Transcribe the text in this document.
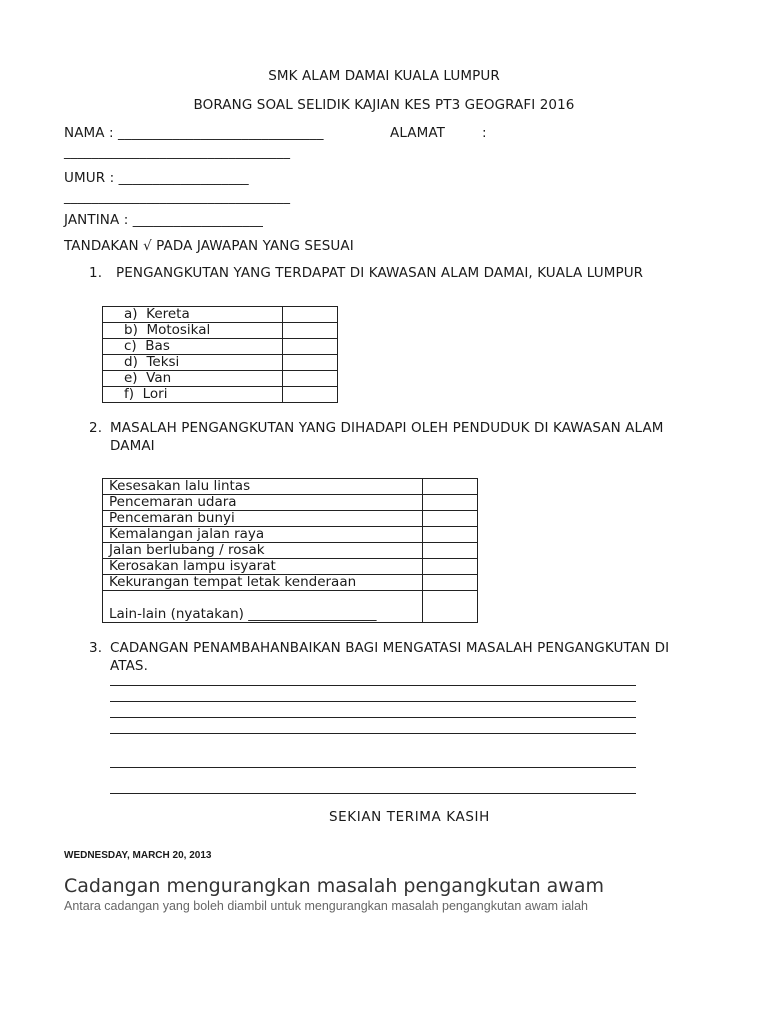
SMK ALAM DAMAI KUALA LUMPUR
BORANG SOAL SELIDIK KAJIAN KES PT3 GEOGRAFI 2016
NAMA : ______________________________	ALAMAT	:
_________________________________
UMUR : ___________________
_________________________________
JANTINA : ___________________
TANDAKAN √ PADA JAWAPAN YANG SESUAI
1. PENGANGKUTAN YANG TERDAPAT DI KAWASAN ALAM DAMAI, KUALA LUMPUR
a) Kereta	
b) Motosikal	
c) Bas	
d) Teksi	
e) Van	
f) Lori	
2. MASALAH PENGANGKUTAN YANG DIHADAPI OLEH PENDUDUK DI KAWASAN ALAM
DAMAI
Kesesakan lalu lintas	
Pencemaran udara	
Pencemaran bunyi	
Kemalangan jalan raya	
Jalan berlubang / rosak	
Kerosakan lampu isyarat	
Kekurangan tempat letak kenderaan	
Lain-lain (nyatakan) ___________________	
3. CADANGAN PENAMBAHANBAIKAN BAGI MENGATASI MASALAH PENGANGKUTAN DI
ATAS.
SEKIAN TERIMA KASIH
WEDNESDAY, MARCH 20, 2013
Cadangan mengurangkan masalah pengangkutan awam
Antara cadangan yang boleh diambil untuk mengurangkan masalah pengangkutan awam ialah
